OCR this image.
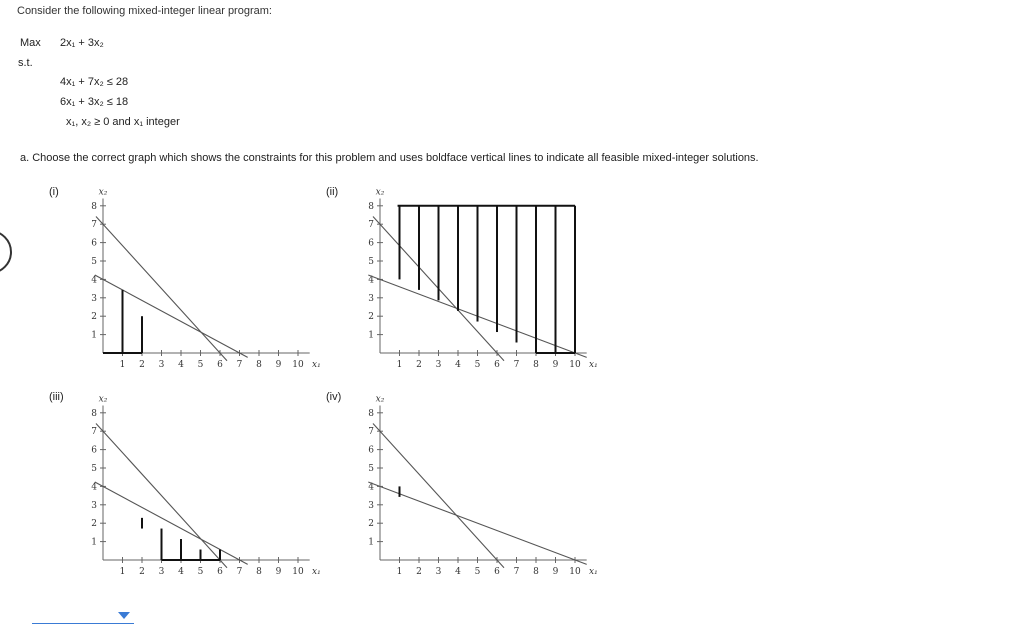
Consider the following mixed-integer linear program:
Max 2x₁ + 3x₂
s.t.
4x₁ + 7x₂ ≤ 28
6x₁ + 3x₂ ≤ 18
x₁, x₂ ≥ 0 and x₁ integer
a. Choose the correct graph which shows the constraints for this problem and uses boldface vertical lines to indicate all feasible mixed-integer solutions.
(i)	(ii)
(iii)	(iv)
1 2 3 4 5 6 7 8 9 10
1
2
3
4
5
6
7
8
x₁
x₂
1 2 3 4 5 6 7 8 9 10
1
2
3
4
5
6
7
8
x₁
x₂
1 2 3 4 5 6 7 8 9 10
1
2
3
4
5
6
7
8
x₁
x₂
1 2 3 4 5 6 7 8 9 10
1
2
3
4
5
6
7
8
x₁
x₂
